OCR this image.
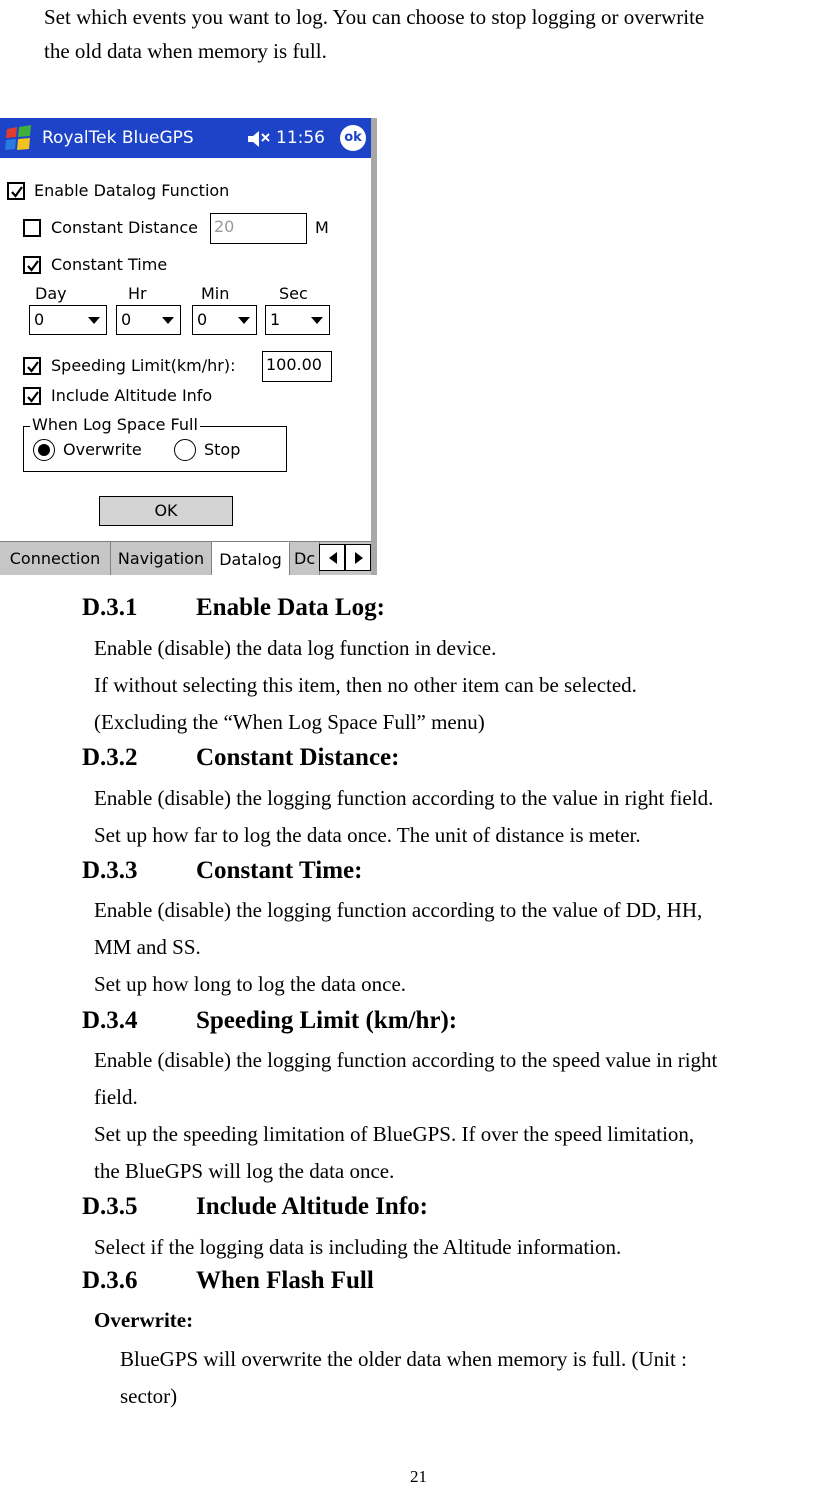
Set which events you want to log. You can choose to stop logging or overwrite
the old data when memory is full.
RoyalTek BlueGPS	11:56	ok
Enable Datalog Function
Constant Distance 20	M
Constant Time
Day	Hr	Min	Sec
0	0	0	1
Speeding Limit(km/hr): 100.00
Include Altitude Info
When Log Space Full
Overwrite	Stop
OK
Connection	Navigation Datalog Dc
D.3.1 Enable Data Log:
Enable (disable) the data log function in device.
If without selecting this item, then no other item can be selected.
(Excluding the “When Log Space Full” menu)
D.3.2 Constant Distance:
Enable (disable) the logging function according to the value in right field.
Set up how far to log the data once. The unit of distance is meter.
D.3.3 Constant Time:
Enable (disable) the logging function according to the value of DD, HH,
MM and SS.
Set up how long to log the data once.
D.3.4 Speeding Limit (km/hr):
Enable (disable) the logging function according to the speed value in right
field.
Set up the speeding limitation of BlueGPS. If over the speed limitation,
the BlueGPS will log the data once.
D.3.5 Include Altitude Info:
Select if the logging data is including the Altitude information.
D.3.6 When Flash Full
Overwrite:
BlueGPS will overwrite the older data when memory is full. (Unit :
sector)
21
